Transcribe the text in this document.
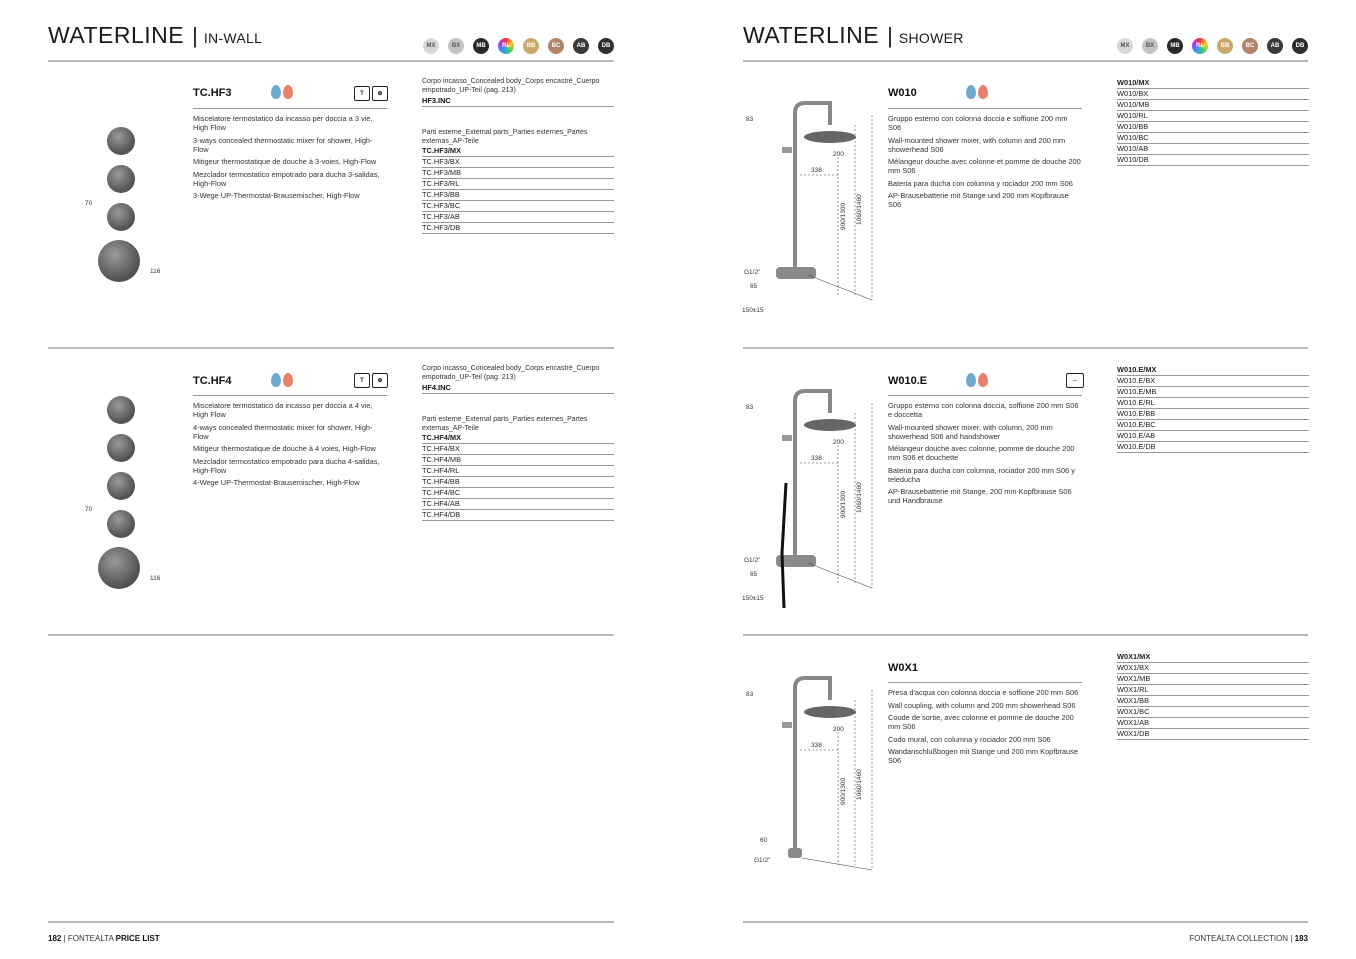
WATERLINE | IN-WALL	MX	BX	MB	RL	BB	BC	AB	DB
TC.HF3	T	⊕

Miscelatore termostatico da incasso per doccia a 3 vie, High Flow

3-ways concealed thermostatic mixer for shower, High-Flow

Mitigeur thermostatique de douche à 3-voies, High-Flow

Mezclador termostatico empotrado para ducha 3-salidas, High-Flow

3-Wege UP-Thermostat-Brausemischer, High-Flow

Corpo incasso_Concealed body_Corps encastré_Cuerpo empotrado_UP-Teil (pag. 213)
HF3.INC
Parti esterne_External parts_Parties externes_Partes externas_AP-Teile
TC.HF3/MX
TC.HF3/BX
TC.HF3/MB
TC.HF3/RL
TC.HF3/BB
TC.HF3/BC
TC.HF3/AB
TC.HF3/DB
70
116
TC.HF4	T	⊕

Miscelatore termostatico da incasso per doccia a 4 vie, High Flow

4-ways concealed thermostatic mixer for shower, High-Flow

Mitigeur thermostatique de douche à 4 voies, High-Flow

Mezclador termostatico empotrado para ducha 4-salidas, High-Flow

4-Wege UP-Thermostat-Brausemischer, High-Flow

Corpo incasso_Concealed body_Corps encastré_Cuerpo empotrado_UP-Teil (pag. 213)
HF4.INC
Parti esterne_External parts_Parties externes_Partes externas_AP-Teile
TC.HF4/MX
TC.HF4/BX
TC.HF4/MB
TC.HF4/RL
TC.HF4/BB
TC.HF4/BC
TC.HF4/AB
TC.HF4/DB
70
116
182 | FONTEALTA PRICE LIST
WATERLINE | SHOWER	MX	BX	MB	RL	BB	BC	AB	DB
W010

Gruppo esterno con colonna doccia e soffione 200 mm S06

Wall-mounted shower mixer, with column and 200 mm showerhead S06

Mélangeur douche avec colonne et pomme de douche 200 mm S06

Bateria para ducha con columna y rociador 200 mm S06

AP-Brausebatterie mit Stange und 200 mm Kopfbrause S06

W010/MX
W010/BX
W010/MB
W010/RL
W010/BB
W010/BC
W010/AB
W010/DB
83
200
338
900/1300 1060/1460
G1/2"
65
150±15
W010.E	⇔

Gruppo esterno con colonna doccia, soffione 200 mm S06 e doccetta

Wall-mounted shower mixer, with column, 200 mm showerhead S06 and handshower

Mélangeur douche avec colonne, pomme de douche 200 mm S06 et douchette

Bateria para ducha con columna, rociador 200 mm S06 y teleducha

AP-Brausebatterie mit Stange, 200 mm Kopfbrause S06 und Handbrause

W010.E/MX
W010.E/BX
W010.E/MB
W010.E/RL
W010.E/BB
W010.E/BC
W010.E/AB
W010.E/DB
83
200
338
900/1300 1060/1460
G1/2"
65
150±15
W0X1

Presa d'acqua con colonna doccia e soffione 200 mm S06

Wall coupling, with column and 200 mm showerhead S06

Coude de sortie, avec colonne et pomme de douche 200 mm S06

Codo mural, con columna y rociador 200 mm S06

Wandanschlußbogen mit Stange und 200 mm Kopfbrause S06

W0X1/MX
W0X1/BX
W0X1/MB
W0X1/RL
W0X1/BB
W0X1/BC
W0X1/AB
W0X1/DB
83
200
338
900/1300 1060/1460
60
G1/2"
FONTEALTA COLLECTION | 183
